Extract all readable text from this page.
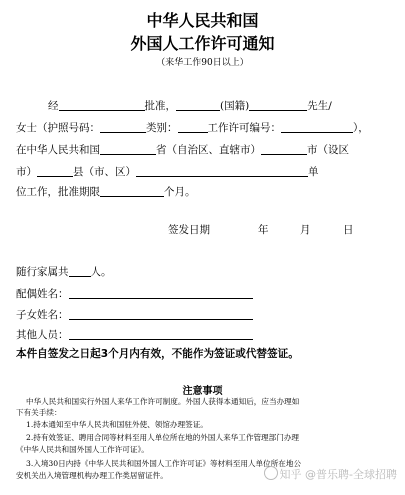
中华人民共和国
外国人工作许可通知
（来华工作90日以上）
经	批准，	(国籍)	先生/
女士（护照号码：	类别：	工作许可编号：	），
在中华人民共和国	省（自治区、直辖市）	市（设区
市）	县（市、区）	单
位工作，批准期限	个月。
签发日期	年	月	日
随行家属共 人。
配偶姓名：
子女姓名：
其他人员：
本件自签发之日起3个月内有效，不能作为签证或代替签证。
注意事项
中华人民共和国实行外国人来华工作许可制度。外国人获得本通知后，应当办理如
下有关手续：
1.持本通知至中华人民共和国驻外使、领馆办理签证。
2.持有效签证、聘用合同等材料至用人单位所在地的外国人来华工作管理部门办理
《中华人民共和国外国人工作许可证》。
3.入境30日内持《中华人民共和国外国人工作许可证》等材料至用人单位所在地公
安机关出入境管理机构办理工作类居留证件。	知乎 @普乐聘-全球招聘
